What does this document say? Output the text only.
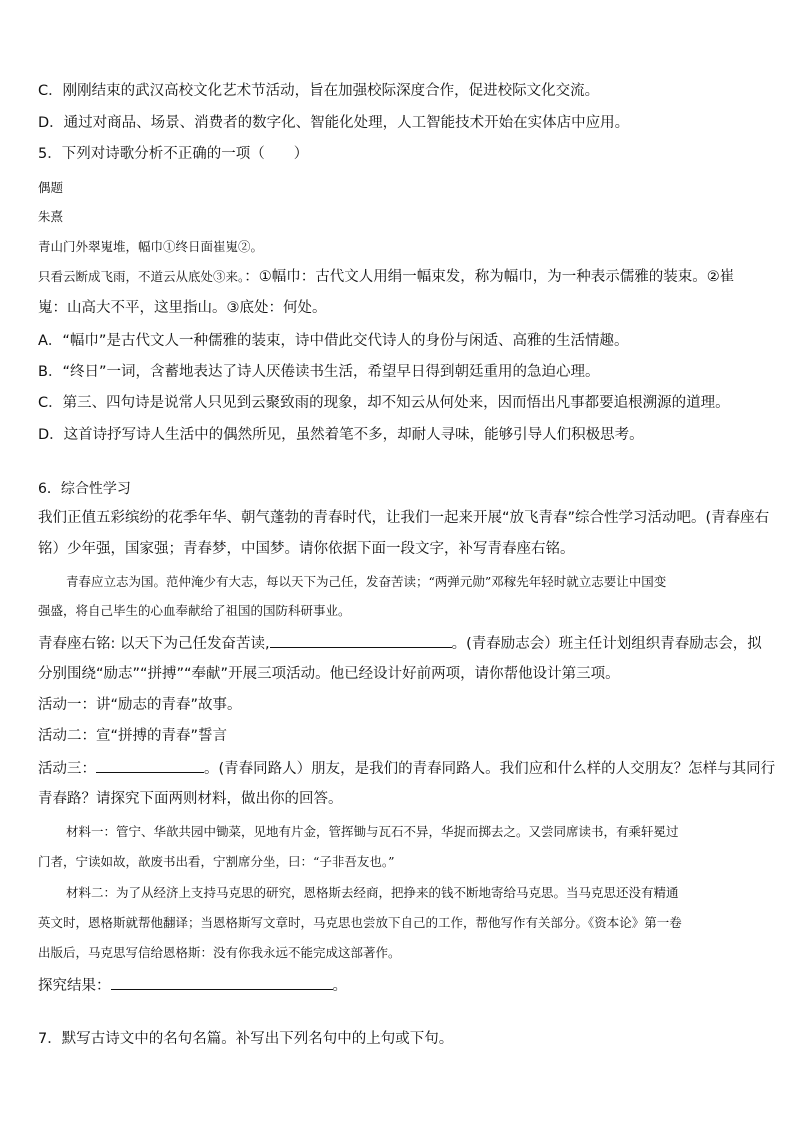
C．刚刚结束的武汉高校文化艺术节活动，旨在加强校际深度合作，促进校际文化交流。
D．通过对商品、场景、消费者的数字化、智能化处理，人工智能技术开始在实体店中应用。
5．下列对诗歌分析不正确的一项（　　）
偶题
朱熹
青山门外翠嵬堆，幅巾①终日面崔嵬②。
只看云断成飞雨，不道云从底处③来。：①幅巾：古代文人用绢一幅束发，称为幅巾，为一种表示儒雅的装束。②崔
嵬：山高大不平，这里指山。③底处：何处。
A．“幅巾”是古代文人一种儒雅的装束，诗中借此交代诗人的身份与闲适、高雅的生活情趣。
B．“终日”一词，含蓄地表达了诗人厌倦读书生活，希望早日得到朝廷重用的急迫心理。
C．第三、四句诗是说常人只见到云聚致雨的现象，却不知云从何处来，因而悟出凡事都要追根溯源的道理。
D．这首诗抒写诗人生活中的偶然所见，虽然着笔不多，却耐人寻味，能够引导人们积极思考。
6．综合性学习
我们正值五彩缤纷的花季年华、朝气蓬勃的青春时代，让我们一起来开展“放飞青春”综合性学习活动吧。(青春座右
铭）少年强，国家强；青春梦，中国梦。请你依据下面一段文字，补写青春座右铭。
青春应立志为国。范仲淹少有大志，每以天下为己任，发奋苦读；“两弹元勋”邓稼先年轻时就立志要让中国变
强盛，将自己毕生的心血奉献给了祖国的国防科研事业。
青春座右铭: 以天下为己任发奋苦读,	。(青春励志会）班主任计划组织青春励志会，拟
分别围绕“励志”“拼搏”“奉献”开展三项活动。他已经设计好前两项，请你帮他设计第三项。
活动一：讲“励志的青春”故事。
活动二：宣“拼搏的青春”誓言
活动三：	。(青春同路人）朋友，是我们的青春同路人。我们应和什么样的人交朋友？怎样与其同行
青春路？请探究下面两则材料，做出你的回答。
材料一：管宁、华歆共园中锄菜，见地有片金，管挥锄与瓦石不异，华捉而掷去之。又尝同席读书，有乘轩冕过
门者，宁读如故，歆废书出看，宁割席分坐，曰：“子非吾友也。”
材料二：为了从经济上支持马克思的研究，恩格斯去经商，把挣来的钱不断地寄给马克思。当马克思还没有精通
英文时，恩格斯就帮他翻译；当恩格斯写文章时，马克思也尝放下自己的工作，帮他写作有关部分。《资本论》第一卷
出版后，马克思写信给恩格斯：没有你我永远不能完成这部著作。
探究结果：	。
7．默写古诗文中的名句名篇。补写出下列名句中的上句或下句。
